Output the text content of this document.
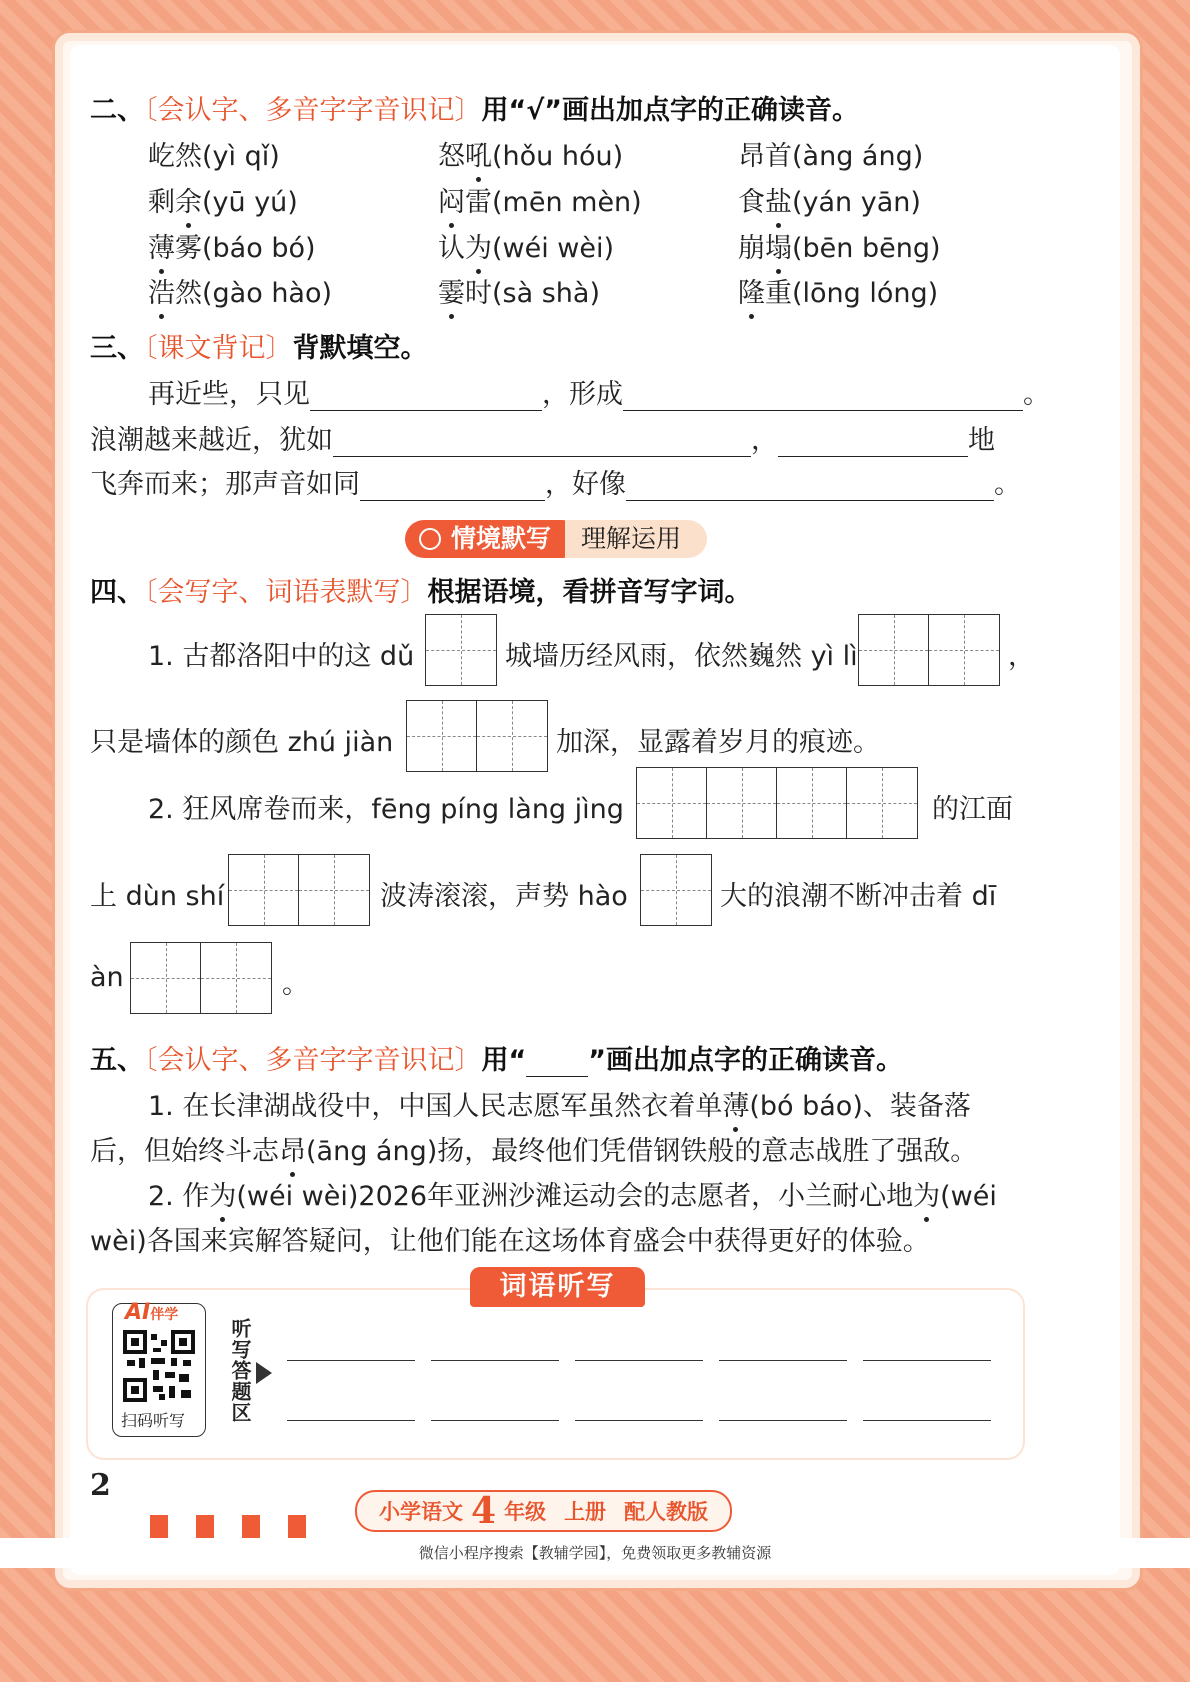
二、〔会认字、多音字字音识记〕用“√”画出加点字的正确读音。
屹然(yì qǐ)	怒吼(hǒu hóu)	昂首(àng áng)
剩余(yū yú)	闷雷(mēn mèn)	食盐(yán yān)
薄雾(báo bó)	认为(wéi wèi)	崩塌(bēn bēng)
浩然(gào hào)	霎时(sà shà)	隆重(lōng lóng)
三、〔课文背记〕背默填空。
再近些，只见	，形成	。
浪潮越来越近，犹如	，	地
飞奔而来；那声音如同	，好像	。
情境默写	理解运用
四、〔会写字、词语表默写〕根据语境，看拼音写字词。
1. 古都洛阳中的这 dǔ	城墙历经风雨，依然巍然 yì lì	，
只是墙体的颜色 zhú jiàn	加深，显露着岁月的痕迹。
2. 狂风席卷而来，fēng píng làng jìng	的江面
上 dùn shí	波涛滚滚，声势 hào	大的浪潮不断冲击着 dī
àn	。
五、〔会认字、多音字字音识记〕用“ ”画出加点字的正确读音。
1. 在长津湖战役中，中国人民志愿军虽然衣着单薄(bó báo)、装备落
后，但始终斗志昂(āng áng)扬，最终他们凭借钢铁般的意志战胜了强敌。
2. 作为(wéi wèi)2026年亚洲沙滩运动会的志愿者，小兰耐心地为(wéi
wèi)各国来宾解答疑问，让他们能在这场体育盛会中获得更好的体验。
词语听写
AI伴学
扫码听写 听写答题区
2
小学语文 4 年级 上册 配人教版
微信小程序搜索【教辅学园】，免费领取更多教辅资源
